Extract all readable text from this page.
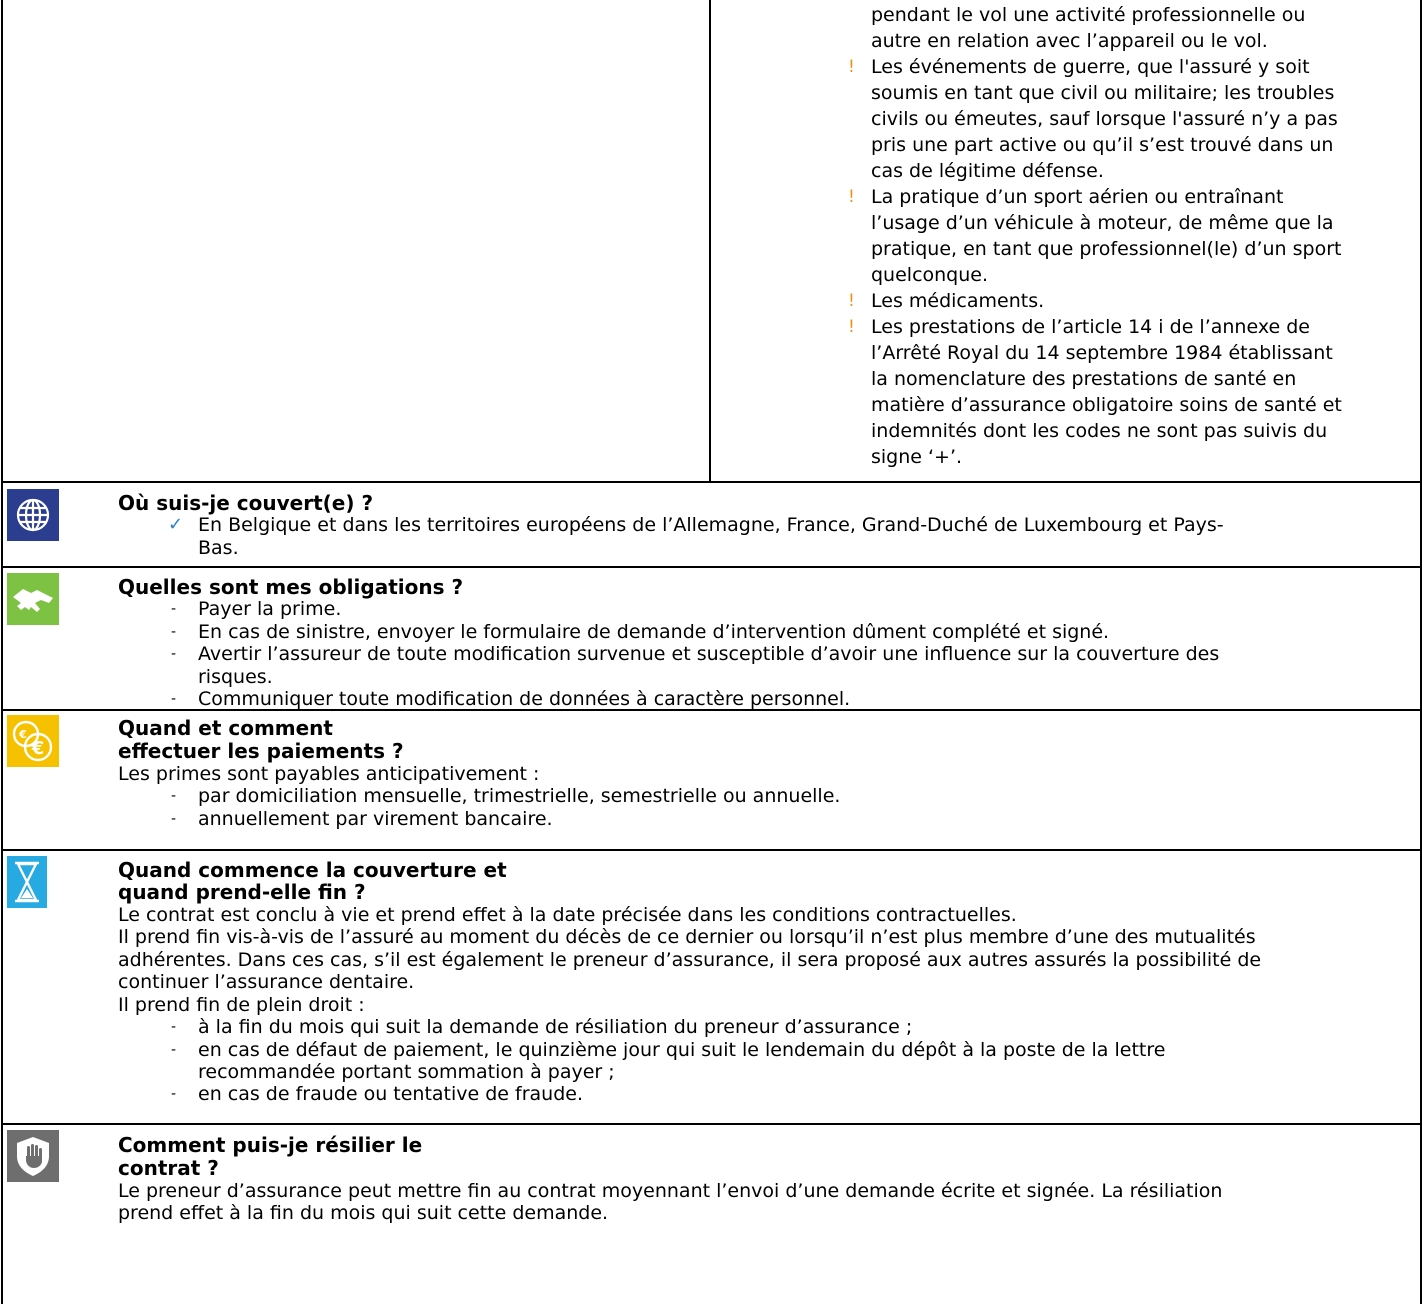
pendant le vol une activité professionnelle ou
autre en relation avec l’appareil ou le vol.
! Les événements de guerre, que l'assuré y soit
soumis en tant que civil ou militaire; les troubles
civils ou émeutes, sauf lorsque l'assuré n’y a pas
pris une part active ou qu’il s’est trouvé dans un
cas de légitime défense.
! La pratique d’un sport aérien ou entraînant
l’usage d’un véhicule à moteur, de même que la
pratique, en tant que professionnel(le) d’un sport
quelconque.
! Les médicaments.
! Les prestations de l’article 14 i de l’annexe de
l’Arrêté Royal du 14 septembre 1984 établissant
la nomenclature des prestations de santé en
matière d’assurance obligatoire soins de santé et
indemnités dont les codes ne sont pas suivis du
signe ‘+’.
Où suis-je couvert(e) ?
✓ En Belgique et dans les territoires européens de l’Allemagne, France, Grand-Duché de Luxembourg et Pays-
Bas.
Quelles sont mes obligations ?
- Payer la prime.
- En cas de sinistre, envoyer le formulaire de demande d’intervention dûment complété et signé.
- Avertir l’assureur de toute modification survenue et susceptible d’avoir une influence sur la couverture des
risques.
- Communiquer toute modification de données à caractère personnel.
€
€	Quand et comment
effectuer les paiements ?
Les primes sont payables anticipativement :
- par domiciliation mensuelle, trimestrielle, semestrielle ou annuelle.
- annuellement par virement bancaire.
Quand commence la couverture et
quand prend-elle fin ?
Le contrat est conclu à vie et prend effet à la date précisée dans les conditions contractuelles.
Il prend fin vis-à-vis de l’assuré au moment du décès de ce dernier ou lorsqu’il n’est plus membre d’une des mutualités
adhérentes. Dans ces cas, s’il est également le preneur d’assurance, il sera proposé aux autres assurés la possibilité de
continuer l’assurance dentaire.
Il prend fin de plein droit :
- à la fin du mois qui suit la demande de résiliation du preneur d’assurance ;
- en cas de défaut de paiement, le quinzième jour qui suit le lendemain du dépôt à la poste de la lettre
recommandée portant sommation à payer ;
- en cas de fraude ou tentative de fraude.
Comment puis-je résilier le
contrat ?
Le preneur d’assurance peut mettre fin au contrat moyennant l’envoi d’une demande écrite et signée. La résiliation
prend effet à la fin du mois qui suit cette demande.
